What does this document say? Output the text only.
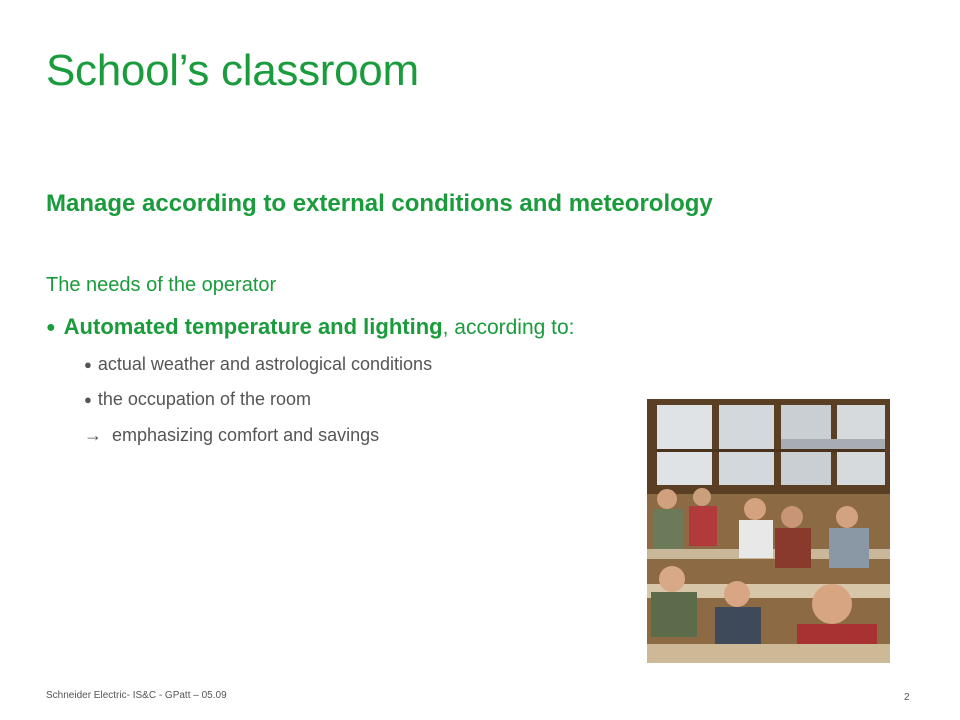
School’s classroom
Manage according to external conditions and meteorology
The needs of the operator
● Automated temperature and lighting, according to:
● actual weather and astrological conditions
● the occupation of the room
→ emphasizing comfort and savings
Schneider Electric- IS&C - GPatt – 05.09	2
